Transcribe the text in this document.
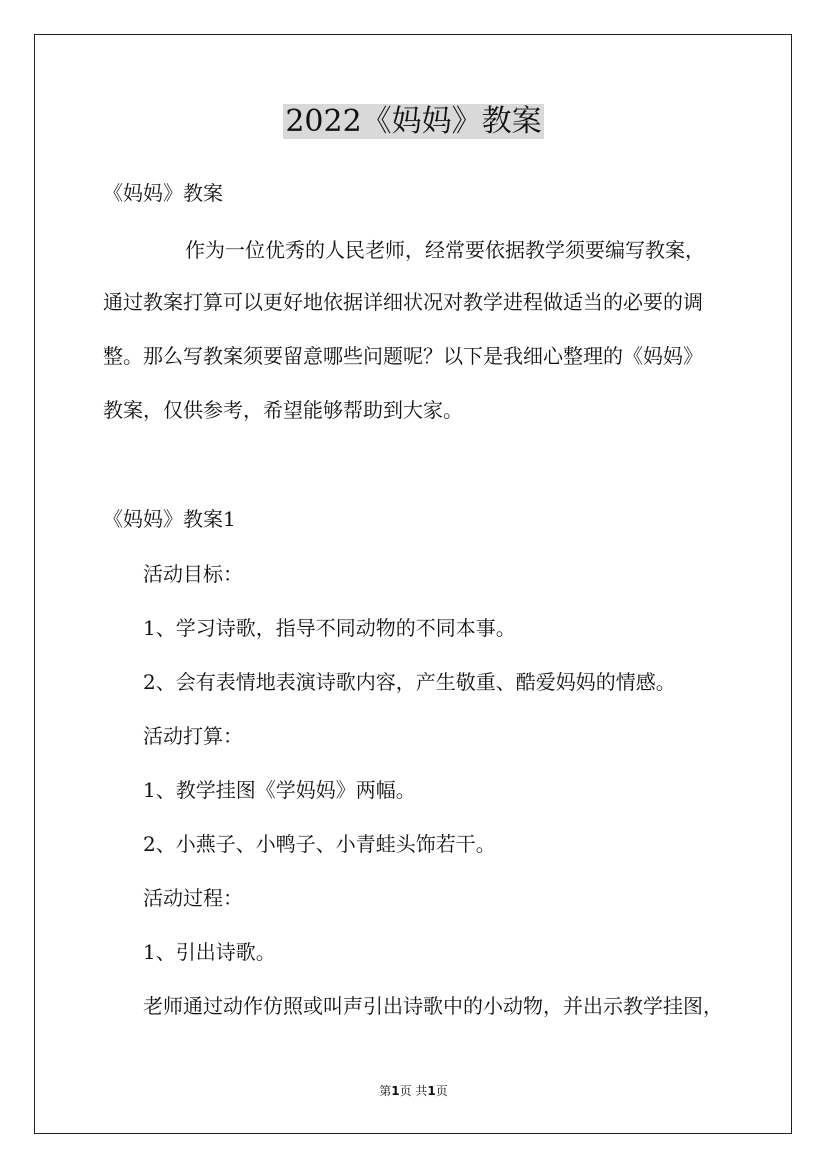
2022《妈妈》教案
《妈妈》教案
作为一位优秀的人民老师，经常要依据教学须要编写教案，
通过教案打算可以更好地依据详细状况对教学进程做适当的必要的调
整。那么写教案须要留意哪些问题呢？以下是我细心整理的《妈妈》
教案，仅供参考，希望能够帮助到大家。
《妈妈》教案1
活动目标：
1、学习诗歌，指导不同动物的不同本事。
2、会有表情地表演诗歌内容，产生敬重、酷爱妈妈的情感。
活动打算：
1、教学挂图《学妈妈》两幅。
2、小燕子、小鸭子、小青蛙头饰若干。
活动过程：
1、引出诗歌。
老师通过动作仿照或叫声引出诗歌中的小动物，并出示教学挂图，
第1页 共1页
